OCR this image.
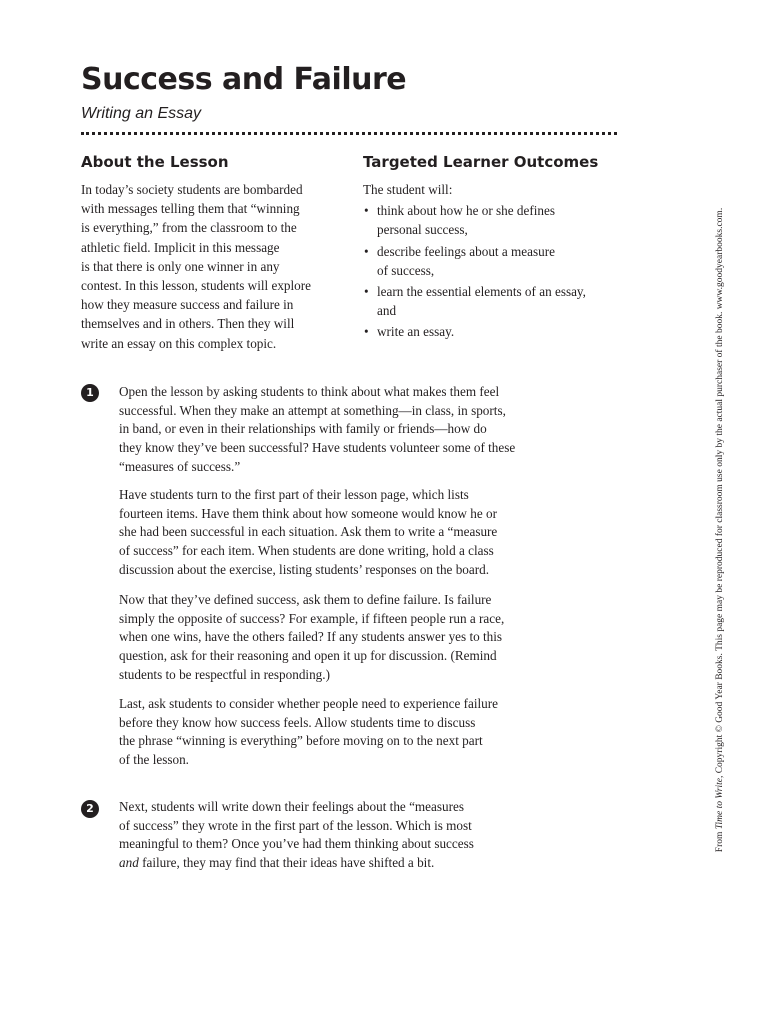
Success and Failure
Writing an Essay
About the Lesson

In today’s society students are bombarded
with messages telling them that “winning
is everything,” from the classroom to the
athletic field. Implicit in this message
is that there is only one winner in any
contest. In this lesson, students will explore
how they measure success and failure in
themselves and in others. Then they will
write an essay on this complex topic.

Targeted Learner Outcomes
The student will:
• think about how he or she defines
personal success,
• describe feelings about a measure
of success,
• learn the essential elements of an essay,
and
• write an essay.
1	Open the lesson by asking students to think about what makes them feel
successful. When they make an attempt at something—in class, in sports,
in band, or even in their relationships with family or friends—how do
they know they’ve been successful? Have students volunteer some of these
“measures of success.”

Have students turn to the first part of their lesson page, which lists
fourteen items. Have them think about how someone would know he or
she had been successful in each situation. Ask them to write a “measure
of success” for each item. When students are done writing, hold a class
discussion about the exercise, listing students’ responses on the board.

Now that they’ve defined success, ask them to define failure. Is failure
simply the opposite of success? For example, if fifteen people run a race,
when one wins, have the others failed? If any students answer yes to this
question, ask for their reasoning and open it up for discussion. (Remind
students to be respectful in responding.)

Last, ask students to consider whether people need to experience failure
before they know how success feels. Allow students time to discuss
the phrase “winning is everything” before moving on to the next part
of the lesson.

2	Next, students will write down their feelings about the “measures
of success” they wrote in the first part of the lesson. Which is most
meaningful to them? Once you’ve had them thinking about success
and failure, they may find that their ideas have shifted a bit.

From Time to Write, Copyright © Good Year Books. This page may be reproduced for classroom use only by the actual purchaser of the book. www.goodyearbooks.com.
